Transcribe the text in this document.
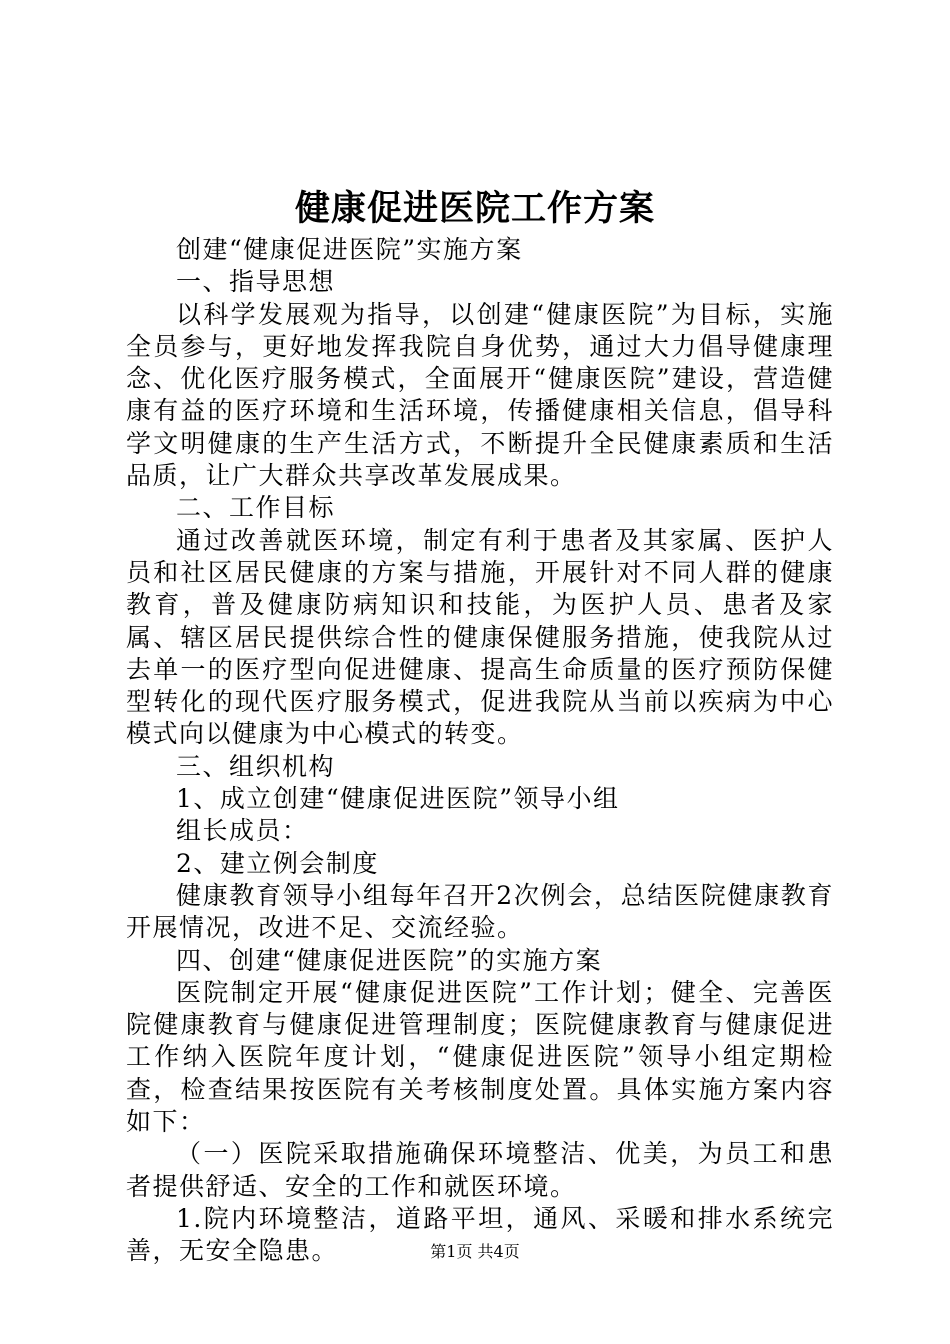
健康促进医院工作方案

创建“健康促进医院”实施方案

一、指导思想

以科学发展观为指导，以创建“健康医院”为目标，实施全员参与，更好地发挥我院自身优势，通过大力倡导健康理念、优化医疗服务模式，全面展开“健康医院”建设，营造健康有益的医疗环境和生活环境，传播健康相关信息，倡导科学文明健康的生产生活方式，不断提升全民健康素质和生活品质，让广大群众共享改革发展成果。

二、工作目标

通过改善就医环境，制定有利于患者及其家属、医护人员和社区居民健康的方案与措施，开展针对不同人群的健康教育，普及健康防病知识和技能，为医护人员、患者及家属、辖区居民提供综合性的健康保健服务措施，使我院从过去单一的医疗型向促进健康、提高生命质量的医疗预防保健型转化的现代医疗服务模式，促进我院从当前以疾病为中心模式向以健康为中心模式的转变。

三、组织机构

1、成立创建“健康促进医院”领导小组

组长成员：

2、建立例会制度

健康教育领导小组每年召开2次例会，总结医院健康教育开展情况，改进不足、交流经验。

四、创建“健康促进医院”的实施方案

医院制定开展“健康促进医院”工作计划；健全、完善医院健康教育与健康促进管理制度；医院健康教育与健康促进工作纳入医院年度计划，“健康促进医院”领导小组定期检查，检查结果按医院有关考核制度处置。具体实施方案内容如下：

（一）医院采取措施确保环境整洁、优美，为员工和患者提供舒适、安全的工作和就医环境。

1.院内环境整洁，道路平坦，通风、采暖和排水系统完善，无安全隐患。	第1页 共4页
